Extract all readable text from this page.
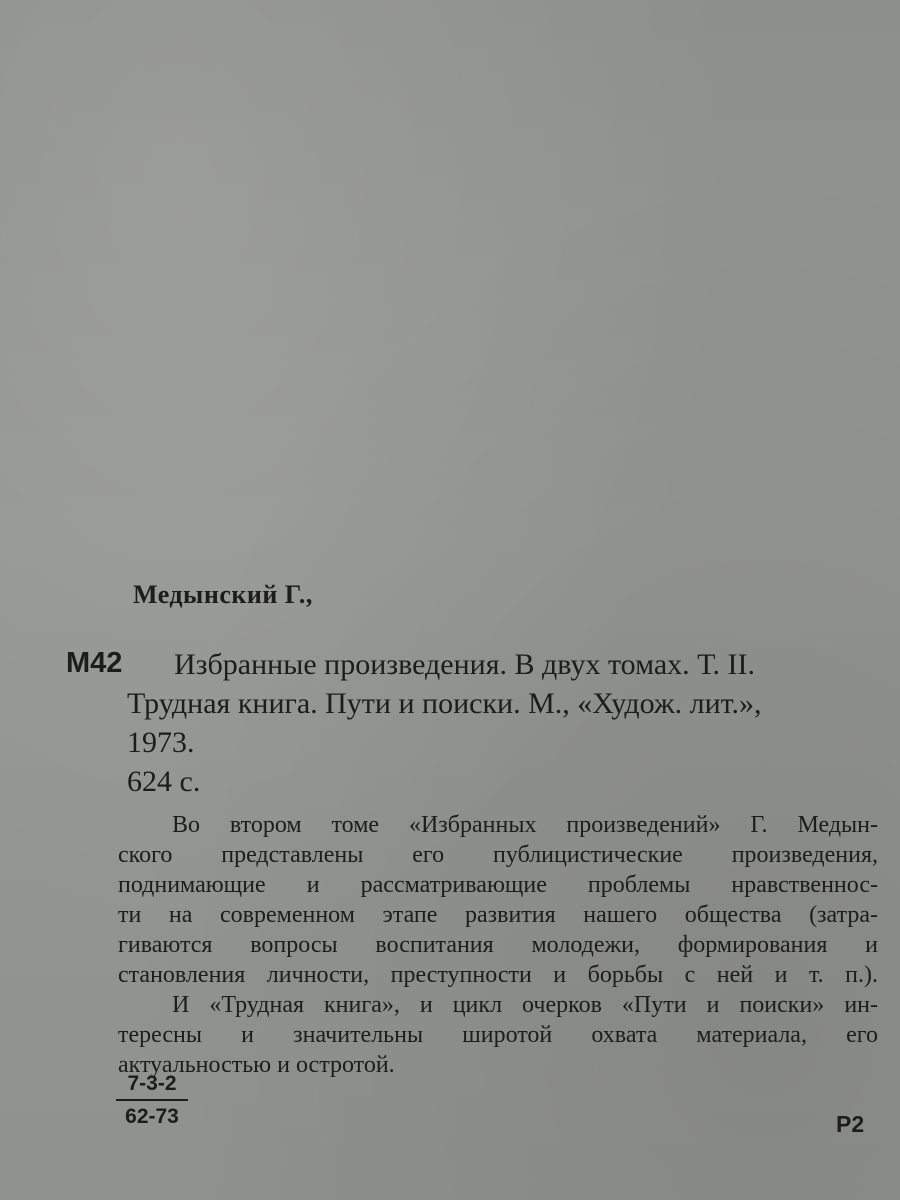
Медынский Г.,
М42	Избранные произведения. В двух томах. Т. II.
Трудная книга. Пути и поиски. М., «Худож. лит.»,
1973.
624 с.
Во втором томе «Избранных произведений» Г. Медын-
ского представлены его публицистические произведения,
поднимающие и рассматривающие проблемы нравственнос-
ти на современном этапе развития нашего общества (затра-
гиваются вопросы воспитания молодежи, формирования и
становления личности, преступности и борьбы с ней и т. п.).
И «Трудная книга», и цикл очерков «Пути и поиски» ин-
тересны и значительны широтой охвата материала, его
актуальностью и остротой.
7-3-2
62-73	Р2
